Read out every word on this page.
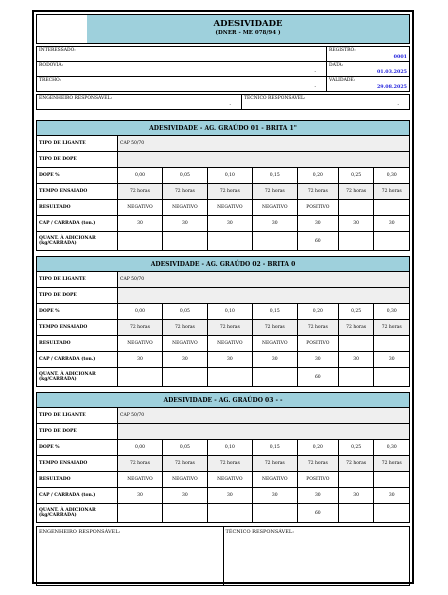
ADESIVIDADE
(DNER - ME 078/94 )
INTERESSADO:	REGISTRO:
0001

RODOVIA:
-	DATA:
01.03.2025

TRECHO:
-	VALIDADE:
29.08.2025
ENGENHEIRO RESPONSÁVEL:
-
	TÉCNICO RESPONSÁVEL:
-
ADESIVIDADE - AG. GRAÚDO 01 - BRITA 1"							
TIPO DE LIGANTE	CAP 50/70						
TIPO DE DOPE							
DOPE %	0,00	0,05	0,10	0,15	0,20	0,25	0,30
TEMPO ENSAIADO	72 horas	72 horas	72 horas	72 horas	72 horas	72 horas	72 horas
RESULTADO	NEGATIVO	NEGATIVO	NEGATIVO	NEGATIVO	POSITIVO		
CAP / CARRADA (ton.)	30	30	30	30	30	30	30
QUANT. À ADICIONAR (kg/CARRADA)					60		
ADESIVIDADE - AG. GRAÚDO 02 - BRITA 0							
TIPO DE LIGANTE	CAP 50/70						
TIPO DE DOPE							
DOPE %	0,00	0,05	0,10	0,15	0,20	0,25	0,30
TEMPO ENSAIADO	72 horas	72 horas	72 horas	72 horas	72 horas	72 horas	72 horas
RESULTADO	NEGATIVO	NEGATIVO	NEGATIVO	NEGATIVO	POSITIVO		
CAP / CARRADA (ton.)	30	30	30	30	30	30	30
QUANT. À ADICIONAR (kg/CARRADA)					60		
ADESIVIDADE - AG. GRAÚDO 03 - -							
TIPO DE LIGANTE	CAP 50/70						
TIPO DE DOPE							
DOPE %	0,00	0,05	0,10	0,15	0,20	0,25	0,30
TEMPO ENSAIADO	72 horas	72 horas	72 horas	72 horas	72 horas	72 horas	72 horas
RESULTADO	NEGATIVO	NEGATIVO	NEGATIVO	NEGATIVO	POSITIVO		
CAP / CARRADA (ton.)	30	30	30	30	30	30	30
QUANT. À ADICIONAR (kg/CARRADA)					60		
ENGENHEIRO RESPONSÁVEL:	TÉCNICO RESPONSÁVEL:
